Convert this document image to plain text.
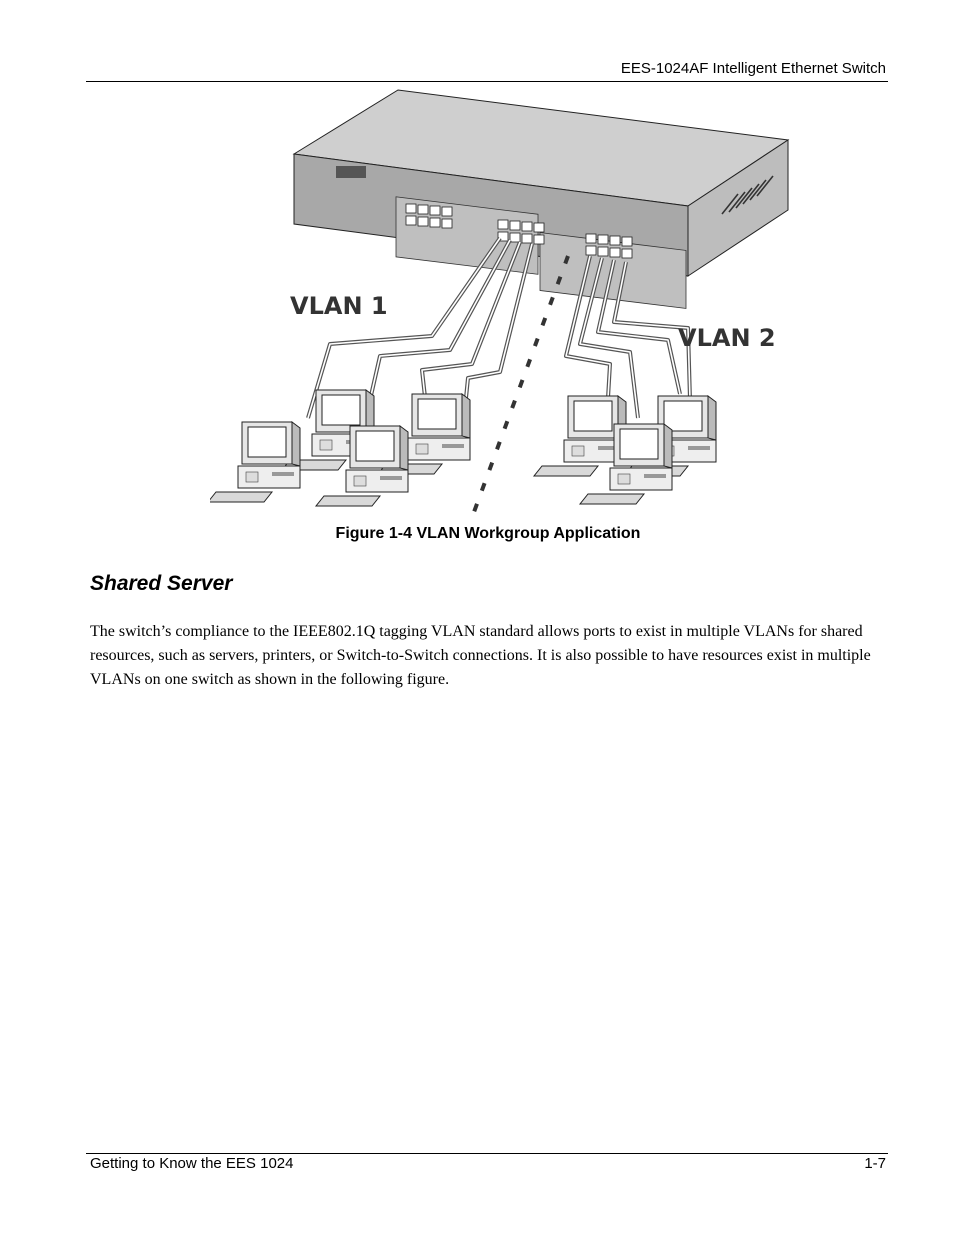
EES-1024AF Intelligent Ethernet Switch
VLAN 1
VLAN 2
Figure 1-4 VLAN Workgroup Application
Shared Server
The switch’s compliance to the IEEE802.1Q tagging VLAN standard allows ports to exist in multiple VLANs for shared resources, such as servers, printers, or Switch-to-Switch connections. It is also possible to have resources exist in multiple VLANs on one switch as shown in the following figure.
Getting to Know the EES 1024	1-7
